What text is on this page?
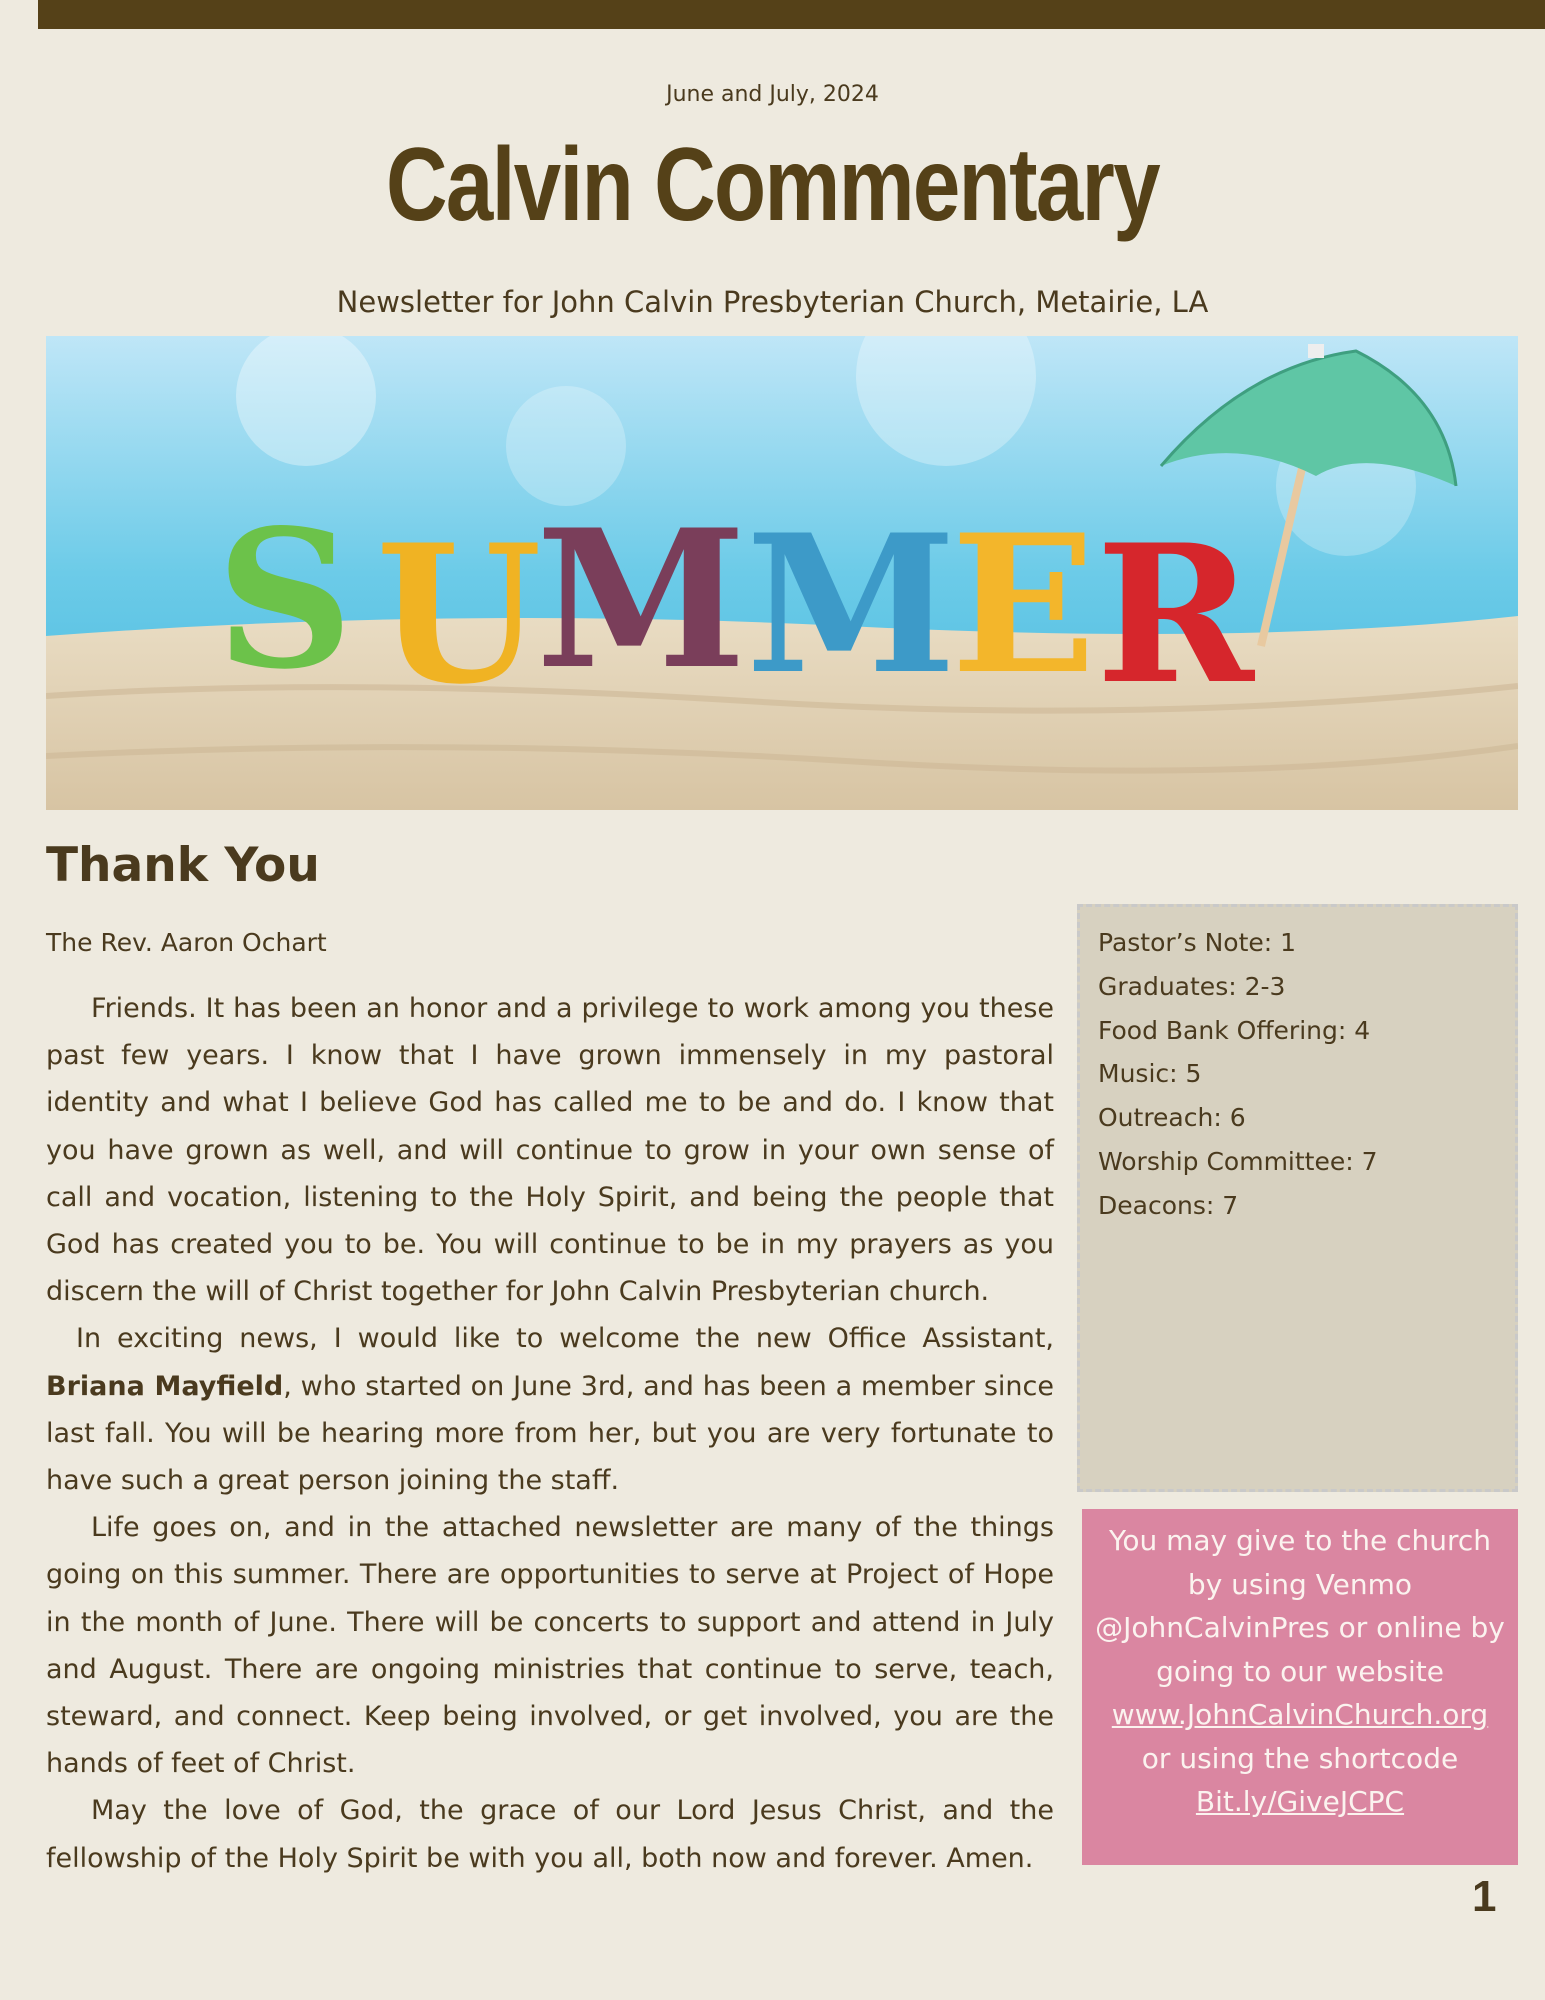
June and July, 2024
Calvin Commentary
Newsletter for John Calvin Presbyterian Church, Metairie, LA
S U
M M
E R
Thank You
The Rev. Aaron Ochart

Friends. It has been an honor and a privilege to work among you these past few years. I know that I have grown immensely in my pastoral identity and what I believe God has called me to be and do. I know that you have grown as well, and will continue to grow in your own sense of call and vocation, listening to the Holy Spirit, and being the people that God has created you to be. You will continue to be in my prayers as you discern the will of Christ together for John Calvin Presbyterian church.

In exciting news, I would like to welcome the new Office Assistant, Briana Mayfield, who started on June 3rd, and has been a member since last fall. You will be hearing more from her, but you are very fortunate to have such a great person joining the staff.

Life goes on, and in the attached newsletter are many of the things going on this summer. There are opportunities to serve at Project of Hope in the month of June. There will be concerts to support and attend in July and August. There are ongoing ministries that continue to serve, teach, steward, and connect. Keep being involved, or get involved, you are the hands of feet of Christ.

May the love of God, the grace of our Lord Jesus Christ, and the fellowship of the Holy Spirit be with you all, both now and forever. Amen.

Pastor’s Note: 1
Graduates: 2-3
Food Bank Offering: 4
Music: 5
Outreach: 6
Worship Committee: 7
Deacons: 7
You may give to the church by using Venmo @JohnCalvinPres or online by going to our website
www.JohnCalvinChurch.org
or using the shortcode
Bit.ly/GiveJCPC
1
